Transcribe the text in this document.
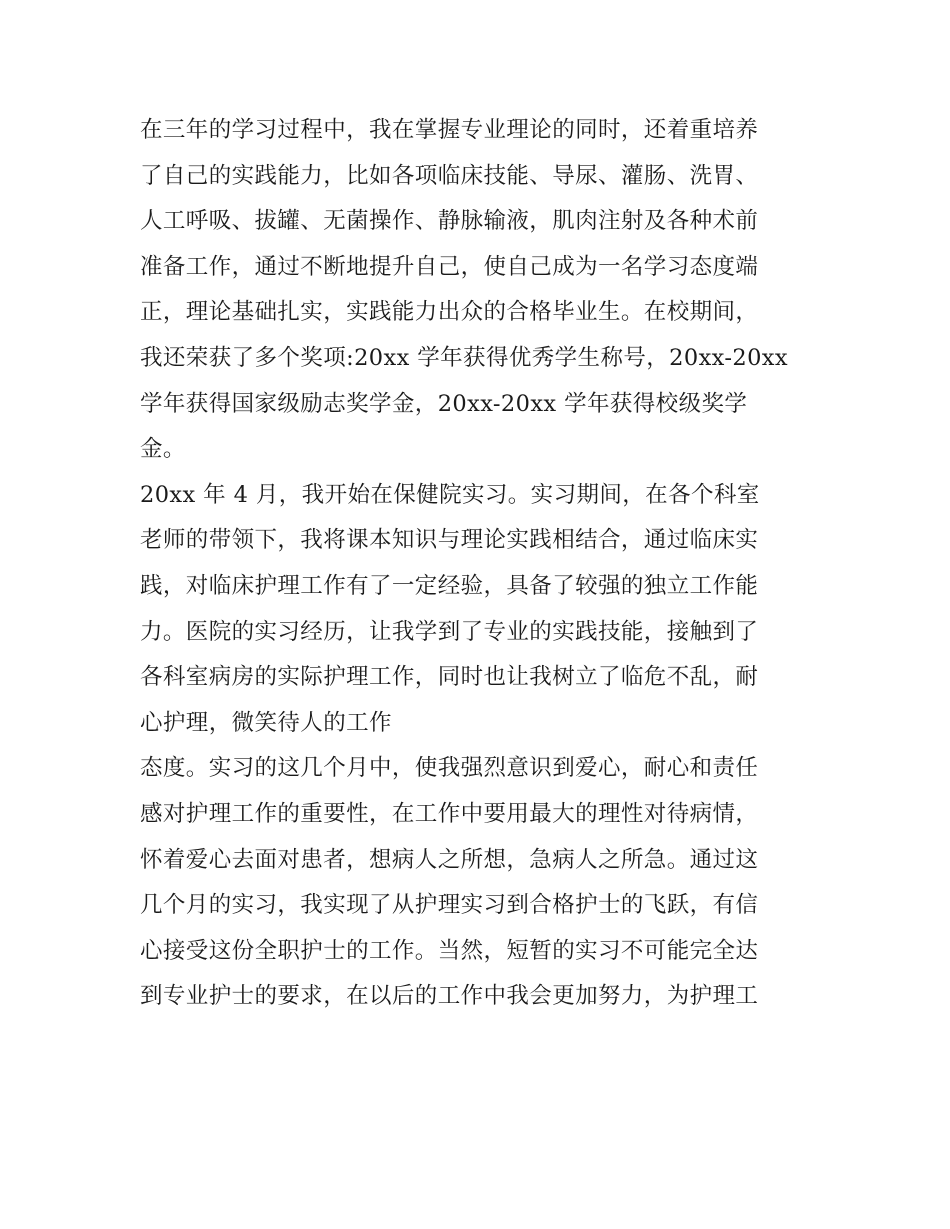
在三年的学习过程中，我在掌握专业理论的同时，还着重培养
了自己的实践能力，比如各项临床技能、导尿、灌肠、洗胃、
人工呼吸、拔罐、无菌操作、静脉输液，肌肉注射及各种术前
准备工作，通过不断地提升自己，使自己成为一名学习态度端
正，理论基础扎实，实践能力出众的合格毕业生。在校期间，
我还荣获了多个奖项:20xx 学年获得优秀学生称号，20xx-20xx
学年获得国家级励志奖学金，20xx-20xx 学年获得校级奖学
金。
20xx 年 4 月，我开始在保健院实习。实习期间，在各个科室
老师的带领下，我将课本知识与理论实践相结合，通过临床实
践，对临床护理工作有了一定经验，具备了较强的独立工作能
力。医院的实习经历，让我学到了专业的实践技能，接触到了
各科室病房的实际护理工作，同时也让我树立了临危不乱，耐
心护理，微笑待人的工作
态度。实习的这几个月中，使我强烈意识到爱心，耐心和责任
感对护理工作的重要性，在工作中要用最大的理性对待病情，
怀着爱心去面对患者，想病人之所想，急病人之所急。通过这
几个月的实习，我实现了从护理实习到合格护士的飞跃，有信
心接受这份全职护士的工作。当然，短暂的实习不可能完全达
到专业护士的要求，在以后的工作中我会更加努力，为护理工
